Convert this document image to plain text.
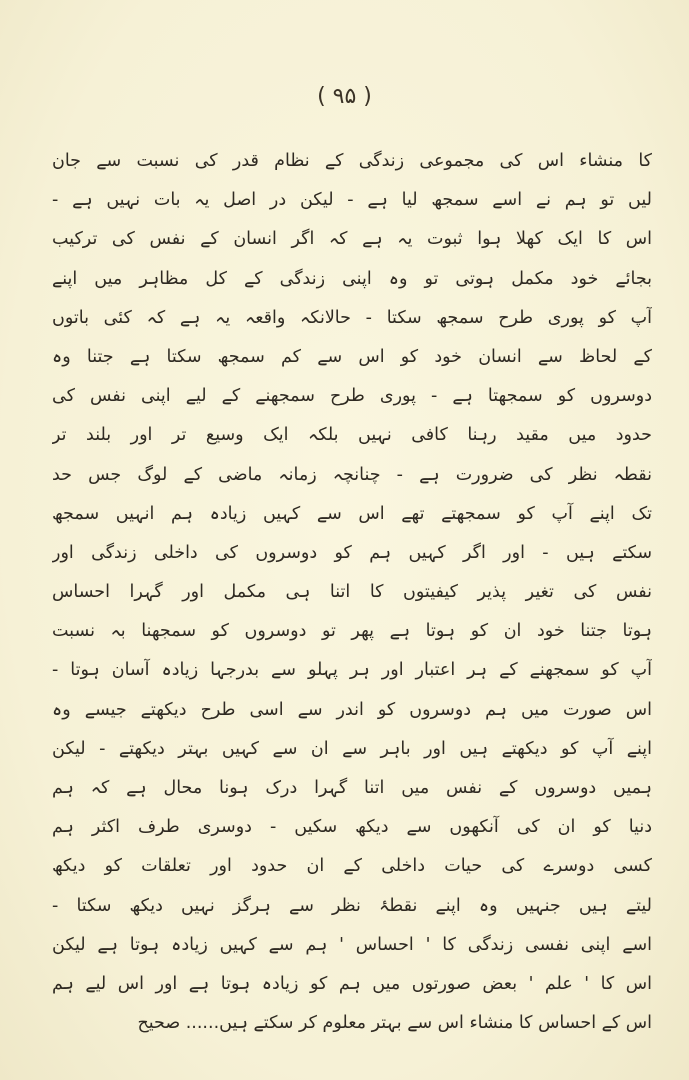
( ۹۵ )
کا منشاء اس کی مجموعی زندگی کے نظام قدر کی نسبت سے جان
لیں تو ہم نے اسے سمجھ لیا ہے - لیکن در اصل یہ بات نہیں ہے -
اس کا ایک کھلا ہوا ثبوت یہ ہے کہ اگر انسان کے نفس کی ترکیب
بجائے خود مکمل ہوتی تو وہ اپنی زندگی کے کل مظاہر میں اپنے
آپ کو پوری طرح سمجھ سکتا - حالانکہ واقعہ یہ ہے کہ کئی باتوں
کے لحاظ سے انسان خود کو اس سے کم سمجھ سکتا ہے جتنا وہ
دوسروں کو سمجھتا ہے - پوری طرح سمجھنے کے لیے اپنی نفس کی
حدود میں مقید رہنا کافی نہیں بلکہ ایک وسیع تر اور بلند تر
نقطہ نظر کی ضرورت ہے - چنانچہ زمانہ ماضی کے لوگ جس حد
تک اپنے آپ کو سمجھتے تھے اس سے کہیں زیادہ ہم انہیں سمجھ
سکتے ہیں - اور اگر کہیں ہم کو دوسروں کی داخلی زندگی اور
نفس کی تغیر پذیر کیفیتوں کا اتنا ہی مکمل اور گہرا احساس
ہوتا جتنا خود ان کو ہوتا ہے پھر تو دوسروں کو سمجھنا بہ نسبت
آپ کو سمجھنے کے ہر اعتبار اور ہر پہلو سے بدرجہا زیادہ آسان ہوتا -
اس صورت میں ہم دوسروں کو اندر سے اسی طرح دیکھتے جیسے وہ
اپنے آپ کو دیکھتے ہیں اور باہر سے ان سے کہیں بہتر دیکھتے - لیکن
ہمیں دوسروں کے نفس میں اتنا گہرا درک ہونا محال ہے کہ ہم
دنیا کو ان کی آنکھوں سے دیکھ سکیں - دوسری طرف اکثر ہم
کسی دوسرے کی حیات داخلی کے ان حدود اور تعلقات کو دیکھ
لیتے ہیں جنہیں وہ اپنے نقطۂ نظر سے ہرگز نہیں دیکھ سکتا -
اسے اپنی نفسی زندگی کا ' احساس ' ہم سے کہیں زیادہ ہوتا ہے لیکن
اس کا ' علم ' بعض صورتوں میں ہم کو زیادہ ہوتا ہے اور اس لیے ہم
اس کے احساس کا منشاء اس سے بہتر معلوم کر سکتے ہیں...... صحیح
